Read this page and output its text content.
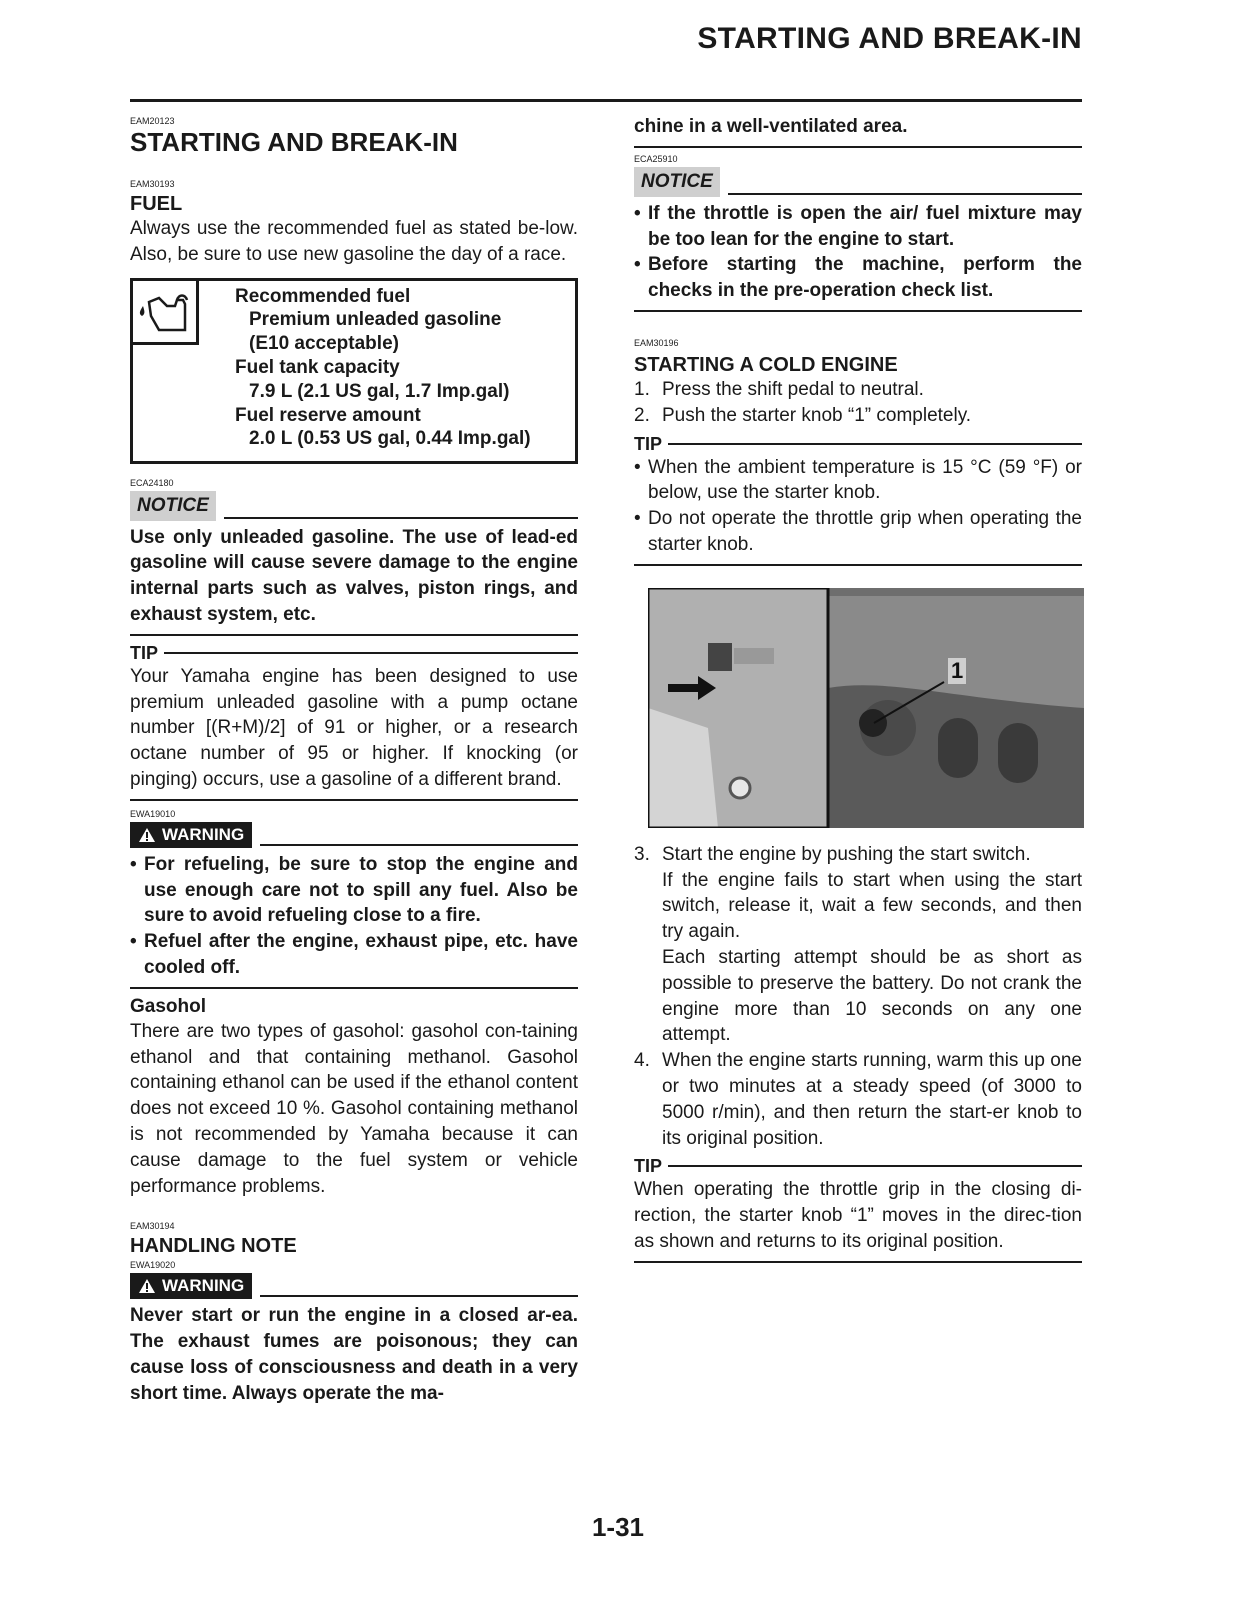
STARTING AND BREAK-IN
EAM20123
STARTING AND BREAK-IN
EAM30193
FUEL
Always use the recommended fuel as stated be-low. Also, be sure to use new gasoline the day of a race.
Recommended fuel

Premium unleaded gasoline
(E10 acceptable)
Fuel tank capacity

7.9 L (2.1 US gal, 1.7 Imp.gal)
Fuel reserve amount

2.0 L (0.53 US gal, 0.44 Imp.gal)
ECA24180
NOTICE
Use only unleaded gasoline. The use of lead-ed gasoline will cause severe damage to the engine internal parts such as valves, piston rings, and exhaust system, etc.
TIP
Your Yamaha engine has been designed to use premium unleaded gasoline with a pump octane number [(R+M)/2] of 91 or higher, or a research octane number of 95 or higher. If knocking (or pinging) occurs, use a gasoline of a different brand.
EWA19010
WARNING
• For refueling, be sure to stop the engine and use enough care not to spill any fuel. Also be sure to avoid refueling close to a fire.
• Refuel after the engine, exhaust pipe, etc. have cooled off.
Gasohol
There are two types of gasohol: gasohol con-taining ethanol and that containing methanol. Gasohol containing ethanol can be used if the ethanol content does not exceed 10 %. Gasohol containing methanol is not recommended by Yamaha because it can cause damage to the fuel system or vehicle performance problems.
EAM30194
HANDLING NOTE
EWA19020
WARNING
Never start or run the engine in a closed ar-ea. The exhaust fumes are poisonous; they can cause loss of consciousness and death in a very short time. Always operate the ma-
chine in a well-ventilated area.
ECA25910
NOTICE
• If the throttle is open the air/ fuel mixture may be too lean for the engine to start.
• Before starting the machine, perform the checks in the pre-operation check list.
EAM30196
STARTING A COLD ENGINE
1. Press the shift pedal to neutral.
2. Push the starter knob “1” completely.
TIP
• When the ambient temperature is 15 °C (59 °F) or below, use the starter knob.
• Do not operate the throttle grip when operating the starter knob.
1
3. Start the engine by pushing the start switch.
If the engine fails to start when using the start switch, release it, wait a few seconds, and then try again.
Each starting attempt should be as short as possible to preserve the battery. Do not crank the engine more than 10 seconds on any one attempt.
4. When the engine starts running, warm this up one or two minutes at a steady speed (of 3000 to 5000 r/min), and then return the start-er knob to its original position.
TIP
When operating the throttle grip in the closing di-rection, the starter knob “1” moves in the direc-tion as shown and returns to its original position.
1-31
